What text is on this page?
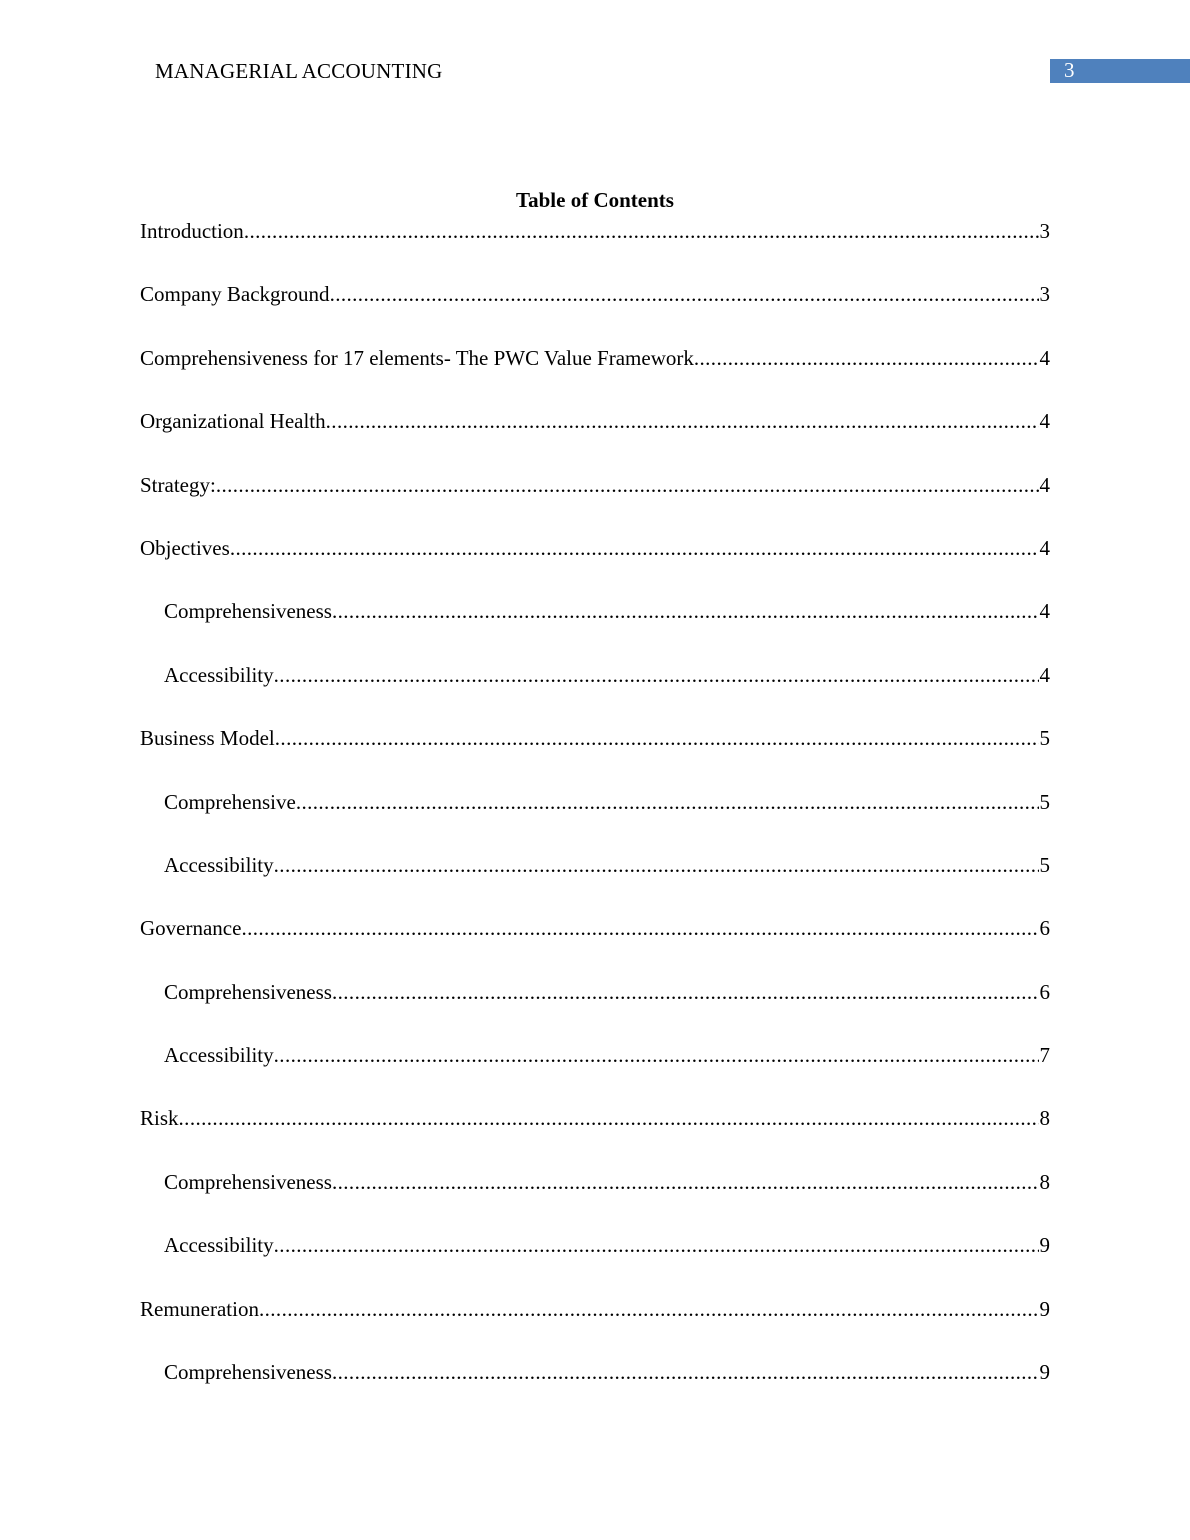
MANAGERIAL ACCOUNTING	3
Table of Contents
Introduction .....	3
Company Background .....	3
Comprehensiveness for 17 elements- The PWC Value Framework .....	4
Organizational Health .....	4
Strategy: .....	4
Objectives .....	4
Comprehensiveness .....	4
Accessibility .....	4
Business Model .....	5
Comprehensive .....	5
Accessibility .....	5
Governance .....	6
Comprehensiveness .....	6
Accessibility .....	7
Risk .....	8
Comprehensiveness .....	8
Accessibility .....	9
Remuneration .....	9
Comprehensiveness .....	9
